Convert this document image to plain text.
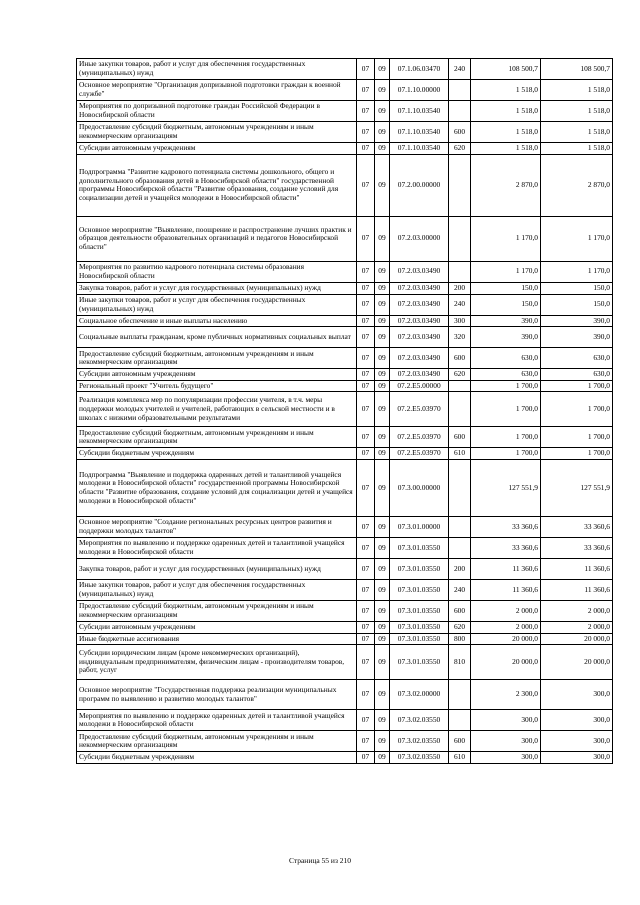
Иные закупки товаров, работ и услуг для обеспечения государственных (муниципальных) нужд	07	09	07.1.06.03470	240	108 500,7	108 500,7
Основное мероприятие "Организация допризывной подготовки граждан к военной службе"	07	09	07.1.10.00000		1 518,0	1 518,0
Мероприятия по допризывной подготовке граждан Российской Федерации в Новосибирской области	07	09	07.1.10.03540		1 518,0	1 518,0
Предоставление субсидий бюджетным, автономным учреждениям и иным некоммерческим организациям	07	09	07.1.10.03540	600	1 518,0	1 518,0
Субсидии автономным учреждениям	07	09	07.1.10.03540	620	1 518,0	1 518,0
Подпрограмма "Развитие кадрового потенциала системы дошкольного, общего и дополнительного образования детей в Новосибирской области" государственной программы Новосибирской области "Развитие образования, создание условий для социализации детей и учащейся молодежи в Новосибирской области"	07	09	07.2.00.00000		2 870,0	2 870,0
Основное мероприятие "Выявление, поощрение и распространение лучших практик и образцов деятельности образовательных организаций и педагогов Новосибирской области"	07	09	07.2.03.00000		1 170,0	1 170,0
Мероприятия по развитию кадрового потенциала системы образования Новосибирской области	07	09	07.2.03.03490		1 170,0	1 170,0
Закупка товаров, работ и услуг для государственных (муниципальных) нужд	07	09	07.2.03.03490	200	150,0	150,0
Иные закупки товаров, работ и услуг для обеспечения государственных (муниципальных) нужд	07	09	07.2.03.03490	240	150,0	150,0
Социальное обеспечение и иные выплаты населению	07	09	07.2.03.03490	300	390,0	390,0
Социальные выплаты гражданам, кроме публичных нормативных социальных выплат	07	09	07.2.03.03490	320	390,0	390,0
Предоставление субсидий бюджетным, автономным учреждениям и иным некоммерческим организациям	07	09	07.2.03.03490	600	630,0	630,0
Субсидии автономным учреждениям	07	09	07.2.03.03490	620	630,0	630,0
Региональный проект "Учитель будущего"	07	09	07.2.E5.00000		1 700,0	1 700,0
Реализация комплекса мер по популяризации профессии учителя, в т.ч. меры поддержки молодых учителей и учителей, работающих в сельской местности и в школах с низкими образовательными результатами	07	09	07.2.E5.03970		1 700,0	1 700,0
Предоставление субсидий бюджетным, автономным учреждениям и иным некоммерческим организациям	07	09	07.2.E5.03970	600	1 700,0	1 700,0
Субсидии бюджетным учреждениям	07	09	07.2.E5.03970	610	1 700,0	1 700,0
Подпрограмма "Выявление и поддержка одаренных детей и талантливой учащейся молодежи в Новосибирской области" государственной программы Новосибирской области "Развитие образования, создание условий для социализации детей и учащейся молодежи в Новосибирской области"	07	09	07.3.00.00000		127 551,9	127 551,9
Основное мероприятие "Создание региональных ресурсных центров развития и поддержки молодых талантов"	07	09	07.3.01.00000		33 360,6	33 360,6
Мероприятия по выявлению и поддержке одаренных детей и талантливой учащейся молодежи в Новосибирской области	07	09	07.3.01.03550		33 360,6	33 360,6
Закупка товаров, работ и услуг для государственных (муниципальных) нужд	07	09	07.3.01.03550	200	11 360,6	11 360,6
Иные закупки товаров, работ и услуг для обеспечения государственных (муниципальных) нужд	07	09	07.3.01.03550	240	11 360,6	11 360,6
Предоставление субсидий бюджетным, автономным учреждениям и иным некоммерческим организациям	07	09	07.3.01.03550	600	2 000,0	2 000,0
Субсидии автономным учреждениям	07	09	07.3.01.03550	620	2 000,0	2 000,0
Иные бюджетные ассигнования	07	09	07.3.01.03550	800	20 000,0	20 000,0
Субсидии юридическим лицам (кроме некоммерческих организаций), индивидуальным предпринимателям, физическим лицам - производителям товаров, работ, услуг	07	09	07.3.01.03550	810	20 000,0	20 000,0
Основное мероприятие "Государственная поддержка реализации муниципальных программ по выявлению и развитию молодых талантов"	07	09	07.3.02.00000		2 300,0	300,0
Мероприятия по выявлению и поддержке одаренных детей и талантливой учащейся молодежи в Новосибирской области	07	09	07.3.02.03550		300,0	300,0
Предоставление субсидий бюджетным, автономным учреждениям и иным некоммерческим организациям	07	09	07.3.02.03550	600	300,0	300,0
Субсидии бюджетным учреждениям	07	09	07.3.02.03550	610	300,0	300,0
Страница 55 из 210
